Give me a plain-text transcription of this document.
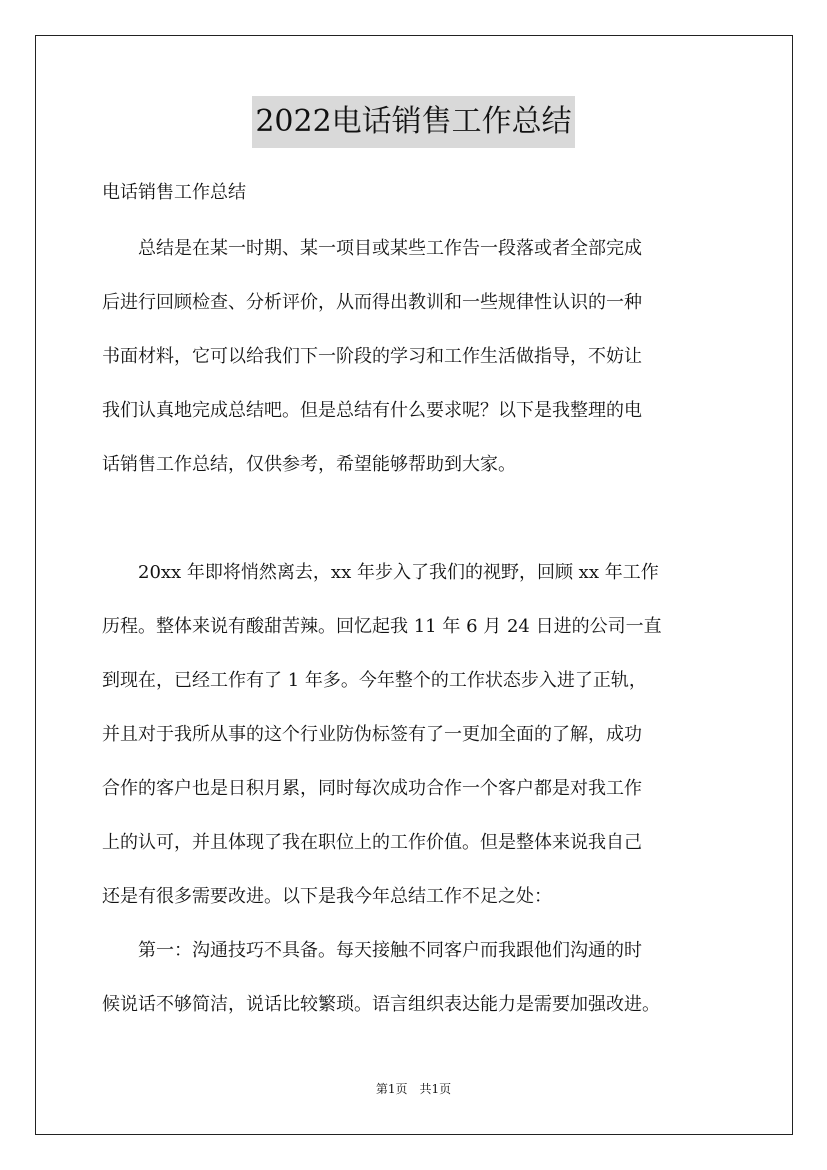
2022电话销售工作总结
电话销售工作总结
　　总结是在某一时期、某一项目或某些工作告一段落或者全部完成
后进行回顾检查、分析评价，从而得出教训和一些规律性认识的一种
书面材料，它可以给我们下一阶段的学习和工作生活做指导，不妨让
我们认真地完成总结吧。但是总结有什么要求呢？以下是我整理的电
话销售工作总结，仅供参考，希望能够帮助到大家。
　　20xx 年即将悄然离去，xx 年步入了我们的视野，回顾 xx 年工作
历程。整体来说有酸甜苦辣。回忆起我 11 年 6 月 24 日进的公司一直
到现在，已经工作有了 1 年多。今年整个的工作状态步入进了正轨，
并且对于我所从事的这个行业防伪标签有了一更加全面的了解，成功
合作的客户也是日积月累，同时每次成功合作一个客户都是对我工作
上的认可，并且体现了我在职位上的工作价值。但是整体来说我自己
还是有很多需要改进。以下是我今年总结工作不足之处：
　　第一：沟通技巧不具备。每天接触不同客户而我跟他们沟通的时
候说话不够简洁，说话比较繁琐。语言组织表达能力是需要加强改进。
第1页　共1页
